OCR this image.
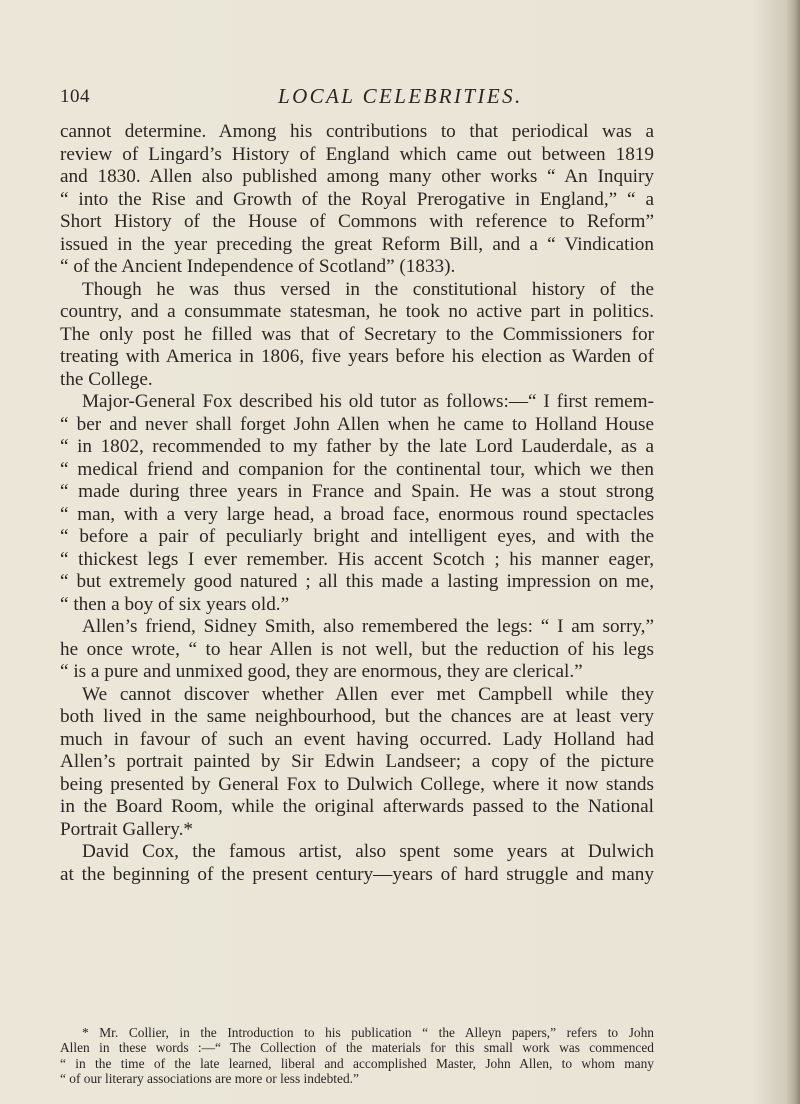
104	LOCAL CELEBRITIES.
cannot determine. Among his contributions to that periodical was a
review of Lingard’s History of England which came out between 1819
and 1830. Allen also published among many other works “ An Inquiry
“ into the Rise and Growth of the Royal Prerogative in England,” “ a
Short History of the House of Commons with reference to Reform”
issued in the year preceding the great Reform Bill, and a “ Vindication
“ of the Ancient Independence of Scotland” (1833).
Though he was thus versed in the constitutional history of the
country, and a consummate statesman, he took no active part in politics.
The only post he filled was that of Secretary to the Commissioners for
treating with America in 1806, five years before his election as Warden of
the College.
Major-General Fox described his old tutor as follows:—“ I first remem-
“ ber and never shall forget John Allen when he came to Holland House
“ in 1802, recommended to my father by the late Lord Lauderdale, as a
“ medical friend and companion for the continental tour, which we then
“ made during three years in France and Spain. He was a stout strong
“ man, with a very large head, a broad face, enormous round spectacles
“ before a pair of peculiarly bright and intelligent eyes, and with the
“ thickest legs I ever remember. His accent Scotch ; his manner eager,
“ but extremely good natured ; all this made a lasting impression on me,
“ then a boy of six years old.”
Allen’s friend, Sidney Smith, also remembered the legs: “ I am sorry,”
he once wrote, “ to hear Allen is not well, but the reduction of his legs
“ is a pure and unmixed good, they are enormous, they are clerical.”
We cannot discover whether Allen ever met Campbell while they
both lived in the same neighbourhood, but the chances are at least very
much in favour of such an event having occurred. Lady Holland had
Allen’s portrait painted by Sir Edwin Landseer; a copy of the picture
being presented by General Fox to Dulwich College, where it now stands
in the Board Room, while the original afterwards passed to the National
Portrait Gallery.*
David Cox, the famous artist, also spent some years at Dulwich
at the beginning of the present century—years of hard struggle and many
* Mr. Collier, in the Introduction to his publication “ the Alleyn papers,” refers to John
Allen in these words :—“ The Collection of the materials for this small work was commenced
“ in the time of the late learned, liberal and accomplished Master, John Allen, to whom many
“ of our literary associations are more or less indebted.”
